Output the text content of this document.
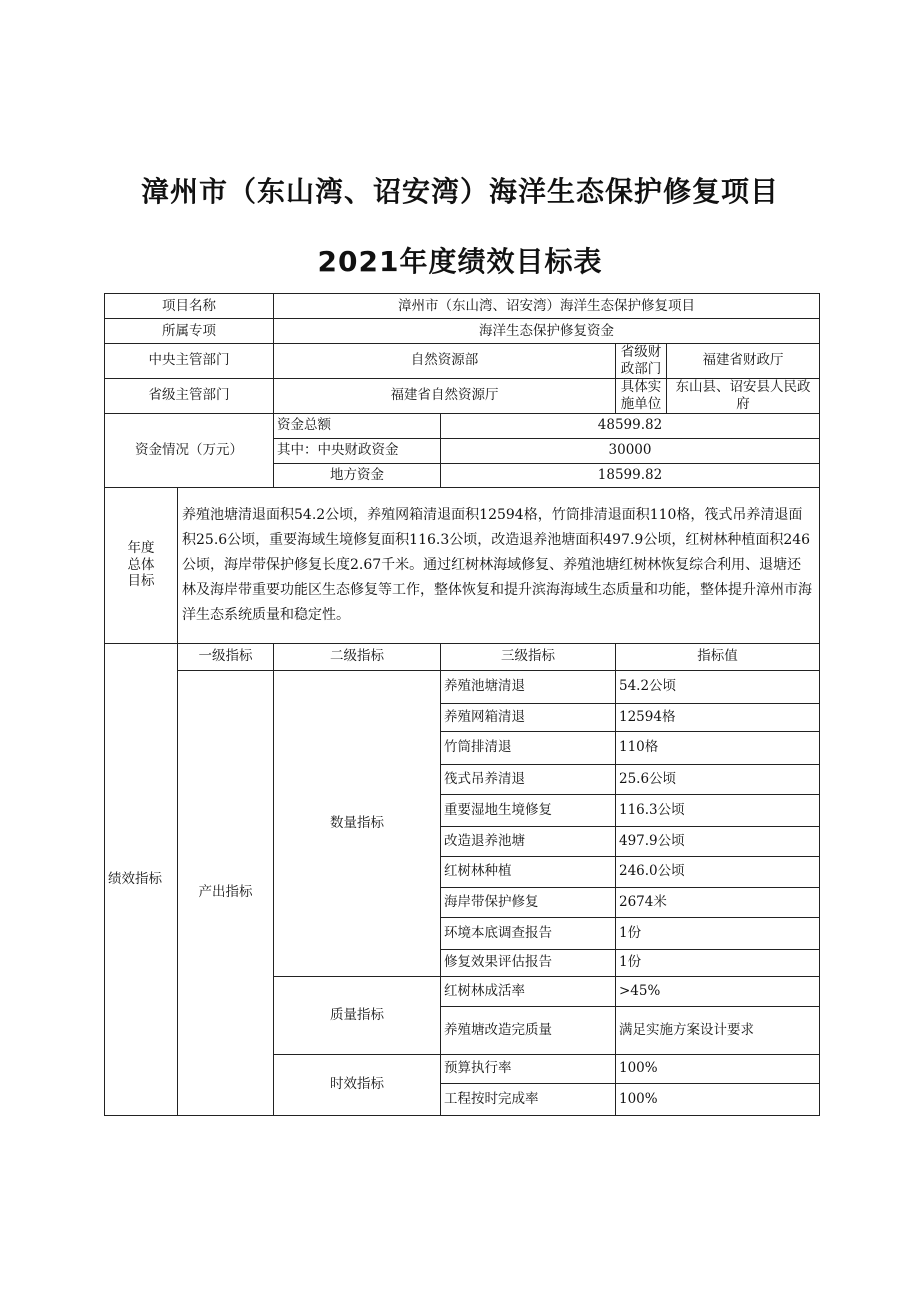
漳州市（东山湾、诏安湾）海洋生态保护修复项目
2021年度绩效目标表
项目名称		漳州市（东山湾、诏安湾）海洋生态保护修复项目			
所属专项		海洋生态保护修复资金			
中央主管部门		自然资源部		省级财政部门	福建省财政厅
省级主管部门		福建省自然资源厅		具体实施单位	东山县、诏安县人民政府
资金情况（万元）		资金总额	48599.82		
		其中：中央财政资金	30000		
		地方资金	18599.82		
年度总体目标	养殖池塘清退面积54.2公顷，养殖网箱清退面积12594格，竹筒排清退面积110格，筏式吊养清退面积25.6公顷，重要海域生境修复面积116.3公顷，改造退养池塘面积497.9公顷，红树林种植面积246公顷，海岸带保护修复长度2.67千米。通过红树林海域修复、养殖池塘红树林恢复综合利用、退塘还林及海岸带重要功能区生态修复等工作，整体恢复和提升滨海海域生态质量和功能，整体提升漳州市海洋生态系统质量和稳定性。				
绩效指标	一级指标	二级指标	三级指标	指标值	
	产出指标	数量指标	养殖池塘清退	54.2公顷	
			养殖网箱清退	12594格	
			竹筒排清退	110格	
			筏式吊养清退	25.6公顷	
			重要湿地生境修复	116.3公顷	
			改造退养池塘	497.9公顷	
			红树林种植	246.0公顷	
			海岸带保护修复	2674米	
			环境本底调查报告	1份	
			修复效果评估报告	1份	
		质量指标	红树林成活率	>45%	
			养殖塘改造完质量	满足实施方案设计要求	
		时效指标	预算执行率	100%	
			工程按时完成率	100%	
